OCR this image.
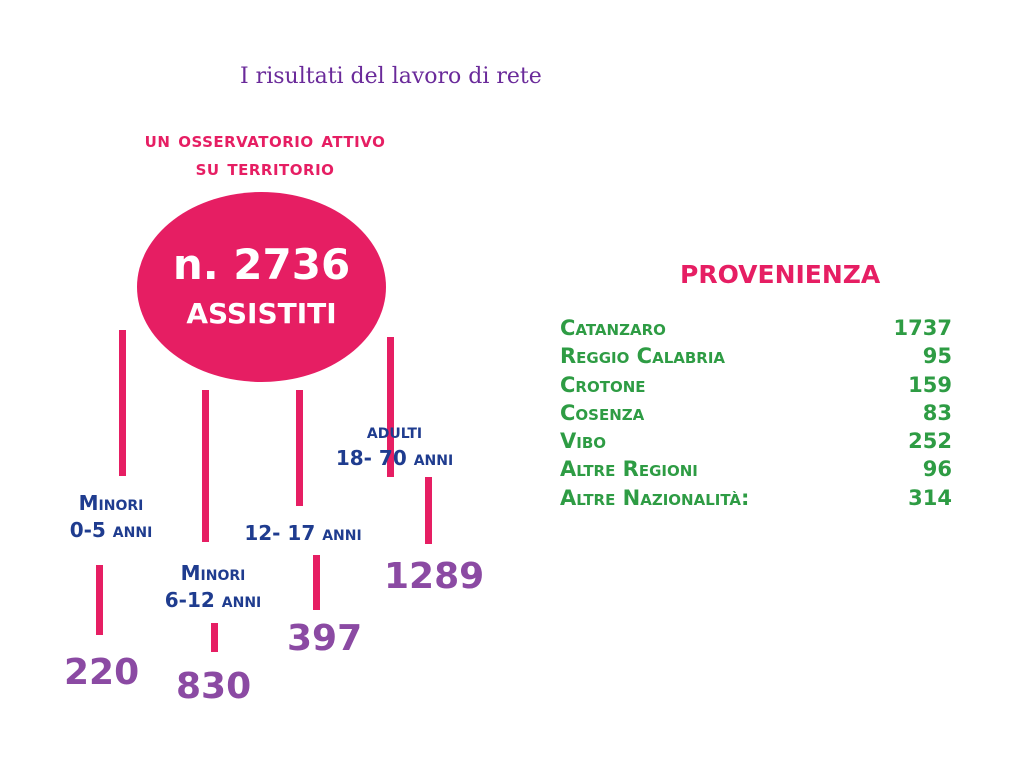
I risultati del lavoro di rete
un osservatorio attivo
su territorio
n. 2736
assistiti
Minori
0-5 anni
220
Minori
6-12 anni
830
12- 17 anni
397
adulti
18- 70 anni
1289
PROVENIENZA
Catanzaro	1737
Reggio Calabria	95
Crotone	159
Cosenza	83
Vibo	252
Altre Regioni	96
Altre Nazionalità:	314
